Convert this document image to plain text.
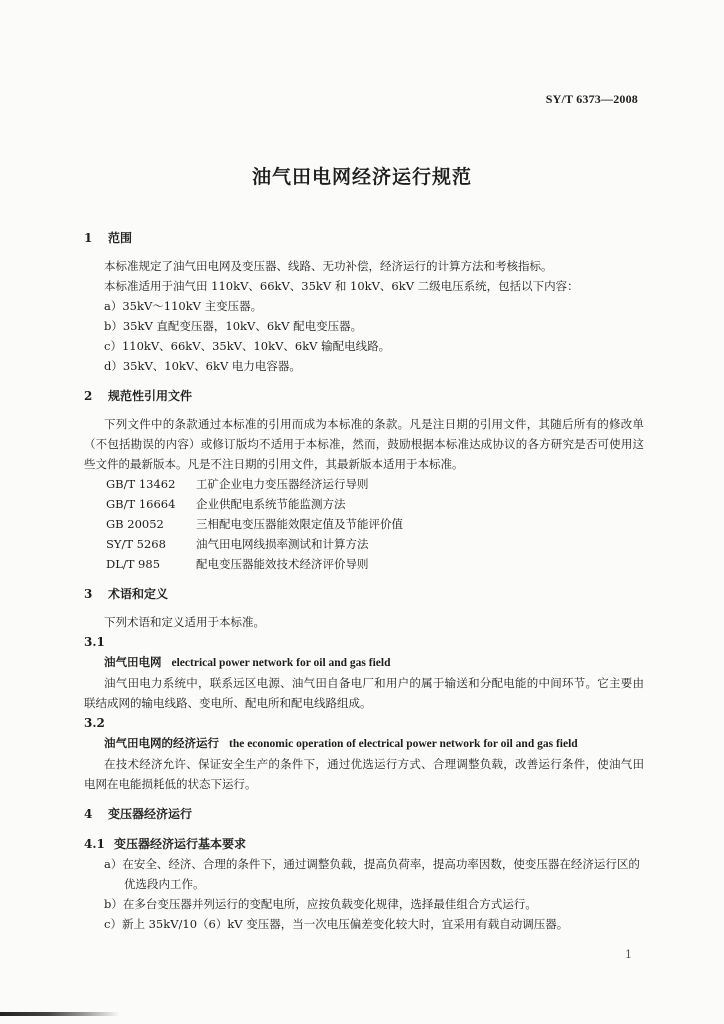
SY/T 6373—2008
油气田电网经济运行规范

1 范围

本标准规定了油气田电网及变压器、线路、无功补偿，经济运行的计算方法和考核指标。

本标准适用于油气田 110kV、66kV、35kV 和 10kV、6kV 二级电压系统，包括以下内容：

a）35kV～110kV 主变压器。

b）35kV 直配变压器，10kV、6kV 配电变压器。

c）110kV、66kV、35kV、10kV、6kV 输配电线路。

d）35kV、10kV、6kV 电力电容器。

2 规范性引用文件

下列文件中的条款通过本标准的引用而成为本标准的条款。凡是注日期的引用文件，其随后所有的修改单（不包括勘误的内容）或修订版均不适用于本标准，然而，鼓励根据本标准达成协议的各方研究是否可使用这些文件的最新版本。凡是不注日期的引用文件，其最新版本适用于本标准。

GB/T 13462 工矿企业电力变压器经济运行导则

GB/T 16664 企业供配电系统节能监测方法

GB 20052	三相配电变压器能效限定值及节能评价值

SY/T 5268	油气田电网线损率测试和计算方法

DL/T 985	配电变压器能效技术经济评价导则

3 术语和定义

下列术语和定义适用于本标准。

3.1

油气田电网 electrical power network for oil and gas field

油气田电力系统中，联系远区电源、油气田自备电厂和用户的属于输送和分配电能的中间环节。它主要由联结成网的输电线路、变电所、配电所和配电线路组成。

3.2

油气田电网的经济运行 the economic operation of electrical power network for oil and gas field

在技术经济允许、保证安全生产的条件下，通过优选运行方式、合理调整负载，改善运行条件，使油气田电网在电能损耗低的状态下运行。

4 变压器经济运行

4.1 变压器经济运行基本要求

a）在安全、经济、合理的条件下，通过调整负载，提高负荷率，提高功率因数，使变压器在经济运行区的优选段内工作。

b）在多台变压器并列运行的变配电所，应按负载变化规律，选择最佳组合方式运行。

c）新上 35kV/10（6）kV 变压器，当一次电压偏差变化较大时，宜采用有载自动调压器。

1
